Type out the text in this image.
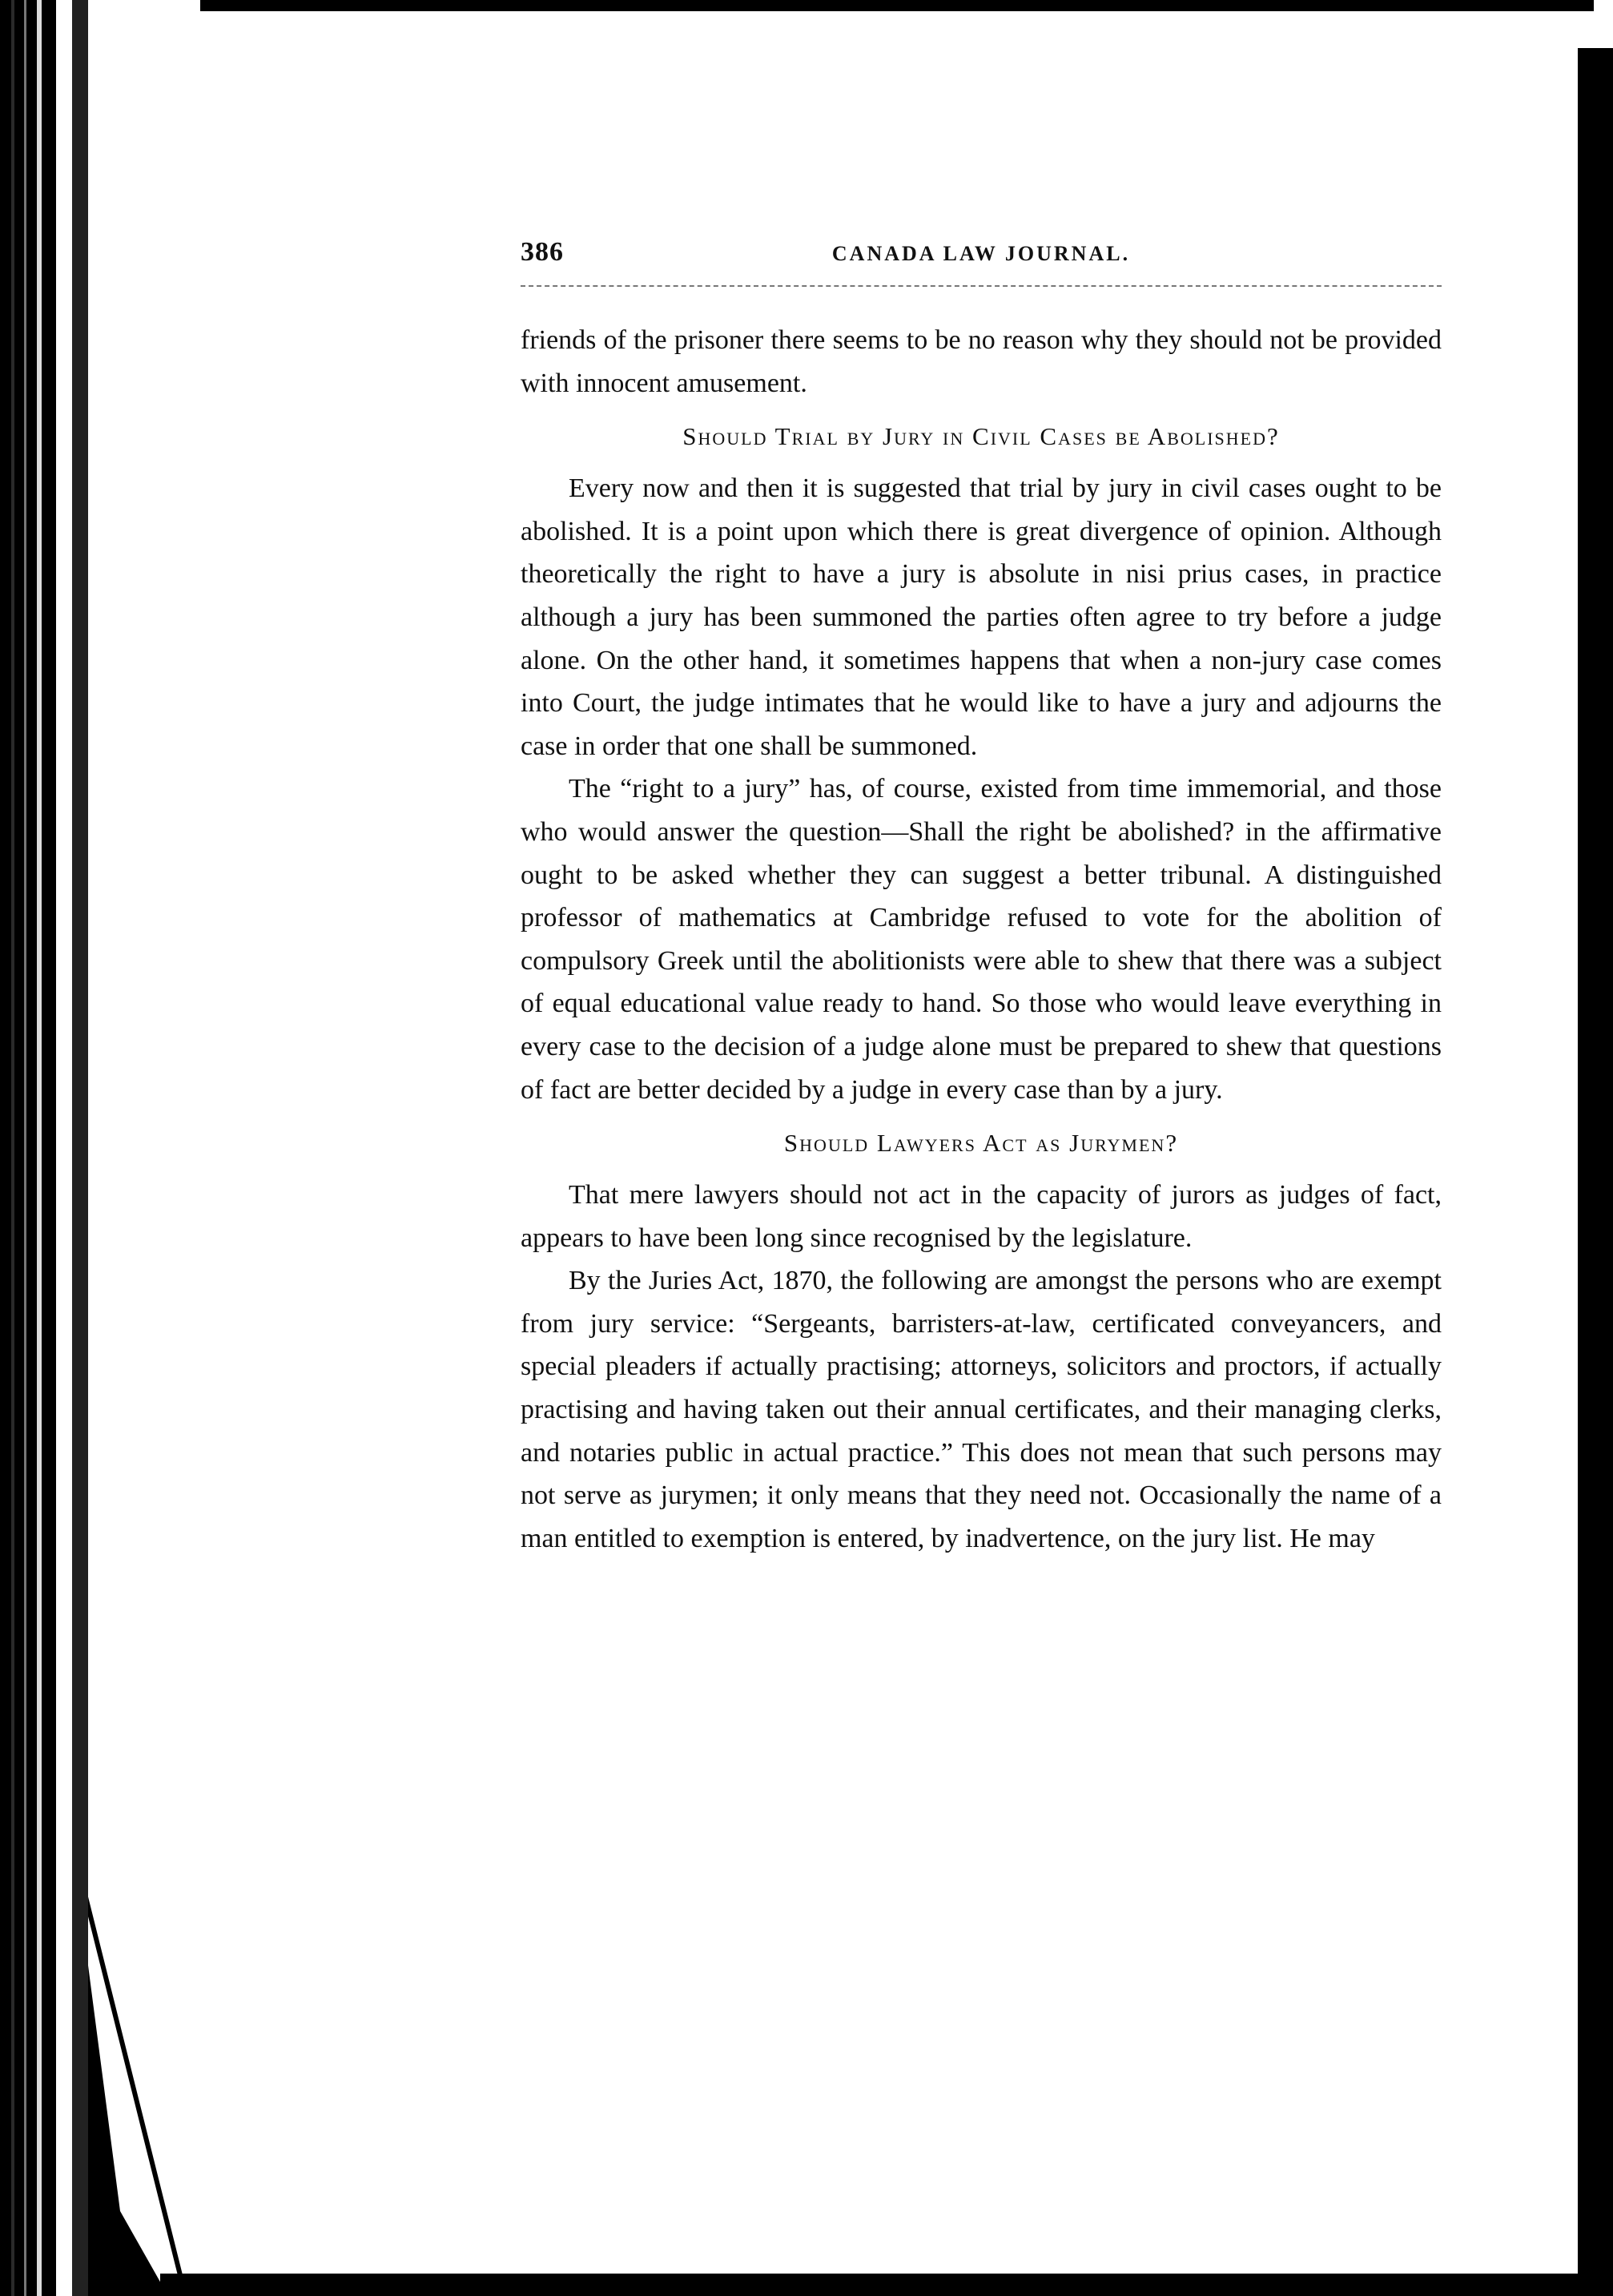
386	CANADA LAW JOURNAL.

friends of the prisoner there seems to be no reason why they should not be provided with innocent amusement.

Should Trial by Jury in Civil Cases be Abolished?

Every now and then it is suggested that trial by jury in civil cases ought to be abolished. It is a point upon which there is great divergence of opinion. Although theoretically the right to have a jury is absolute in nisi prius cases, in practice although a jury has been summoned the parties often agree to try before a judge alone. On the other hand, it sometimes happens that when a non-jury case comes into Court, the judge intimates that he would like to have a jury and adjourns the case in order that one shall be summoned.

The “right to a jury” has, of course, existed from time immemorial, and those who would answer the question—Shall the right be abolished? in the affirmative ought to be asked whether they can suggest a better tribunal. A distinguished professor of mathematics at Cambridge refused to vote for the abolition of compulsory Greek until the abolitionists were able to shew that there was a subject of equal educational value ready to hand. So those who would leave everything in every case to the decision of a judge alone must be prepared to shew that questions of fact are better decided by a judge in every case than by a jury.

Should Lawyers Act as Jurymen?

That mere lawyers should not act in the capacity of jurors as judges of fact, appears to have been long since recognised by the legislature.

By the Juries Act, 1870, the following are amongst the persons who are exempt from jury service: “Sergeants, barristers-at-law, certificated conveyancers, and special pleaders if actually practising; attorneys, solicitors and proctors, if actually practising and having taken out their annual certificates, and their managing clerks, and notaries public in actual practice.” This does not mean that such persons may not serve as jurymen; it only means that they need not. Occasionally the name of a man entitled to exemption is entered, by inadvertence, on the jury list. He may
